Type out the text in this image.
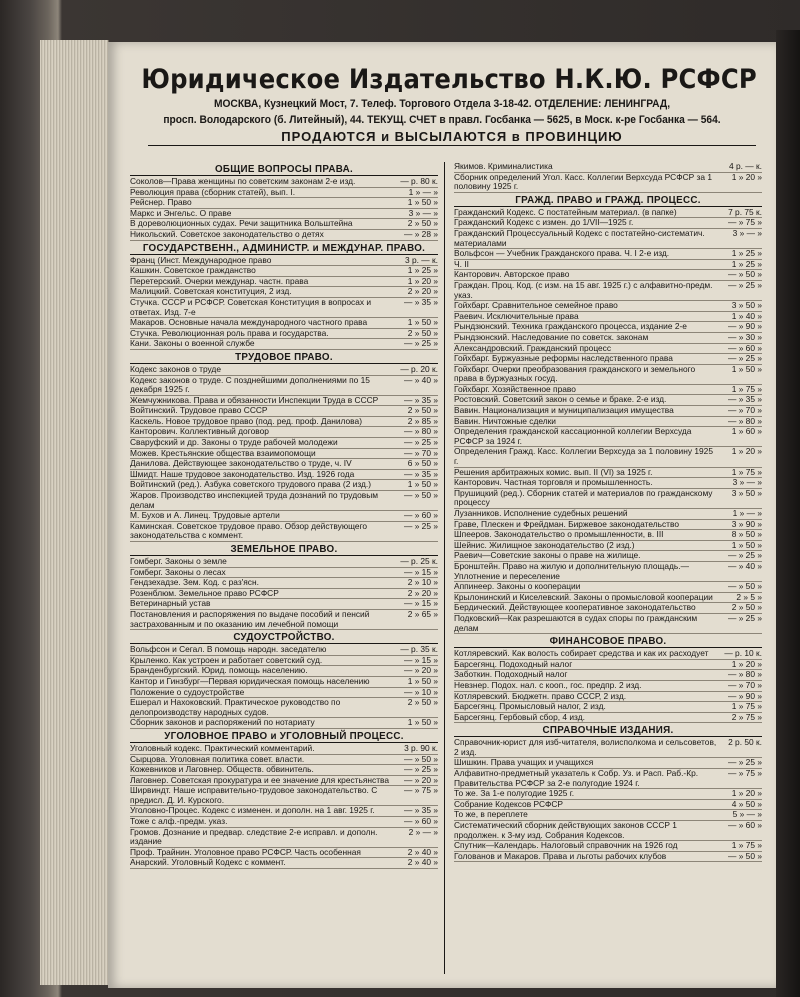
Юридическое Издательство Н.К.Ю. РСФСР
МОСКВА, Кузнецкий Мост, 7. Телеф. Торгового Отдела 3-18-42. ОТДЕЛЕНИЕ: ЛЕНИНГРАД,
просп. Володарского (б. Литейный), 44. ТЕКУЩ. СЧЕТ в правл. Госбанка — 5625, в Моск. к-ре Госбанка — 564.
ПРОДАЮТСЯ и ВЫСЫЛАЮТСЯ в ПРОВИНЦИЮ
ОБЩИЕ ВОПРОСЫ ПРАВА.
Соколов—Права женщины по советским законам 2-е изд.	— р. 80 к.
Революция права (сборник статей), вып. I.	1 » — »
Рейснер. Право	1 » 50 »
Маркс и Энгельс. О праве	3 » — »
В дореволюционных судах. Речи защитника Вольштейна	2 » 50 »
Никольский. Советское законодательство о детях	— » 28 »
ГОСУДАРСТВЕНН., АДМИНИСТР. и МЕЖДУНАР. ПРАВО.
Франц (Инст. Международное право	3 р. — к.
Кашкин. Советское гражданство	1 » 25 »
Перетерский. Очерки междунар. частн. права	1 » 20 »
Малицкий. Советская конституция, 2 изд.	2 » 20 »
Стучка. СССР и РСФСР. Советская Конституция в вопросах и ответах. Изд. 7-е
— » 35 »
Макаров. Основные начала международного частного права	1 » 50 »
Стучка. Революционная роль права и государства.	2 » 50 »
Кани. Законы о военной службе	— » 25 »
ТРУДОВОЕ ПРАВО.
Кодекс законов о труде	— р. 20 к.
Кодекс законов о труде. С позднейшими дополнениями по 15 декабря 1925 г.
— » 40 »
Жемчужникова. Права и обязанности Инспекции Труда в СССР	— » 35 »
Войтинский. Трудовое право СССР	2 » 50 »
Каскель. Новое трудовое право (под. ред. проф. Данилова)	2 » 85 »
Канторович. Коллективный договор	— » 80 »
Сваруфский и др. Законы о труде рабочей молодежи	— » 25 »
Можев. Крестьянские общества взаимопомощи	— » 70 »
Данилова. Действующее законодательство о труде, ч. IV	6 » 50 »
Шмидт. Наше трудовое законодательство. Изд. 1926 года	— » 35 »
Войтинский (ред.). Азбука советского трудового права (2 изд.)	1 » 50 »
Жаров. Производство инспекцией труда дознаний по трудовым делам
— » 50 »
М. Бухов и А. Линец. Трудовые артели	— » 60 »
Каминская. Советское трудовое право. Обзор действующего законодательства с коммент.
— » 25 »
ЗЕМЕЛЬНОЕ ПРАВО.
Гомберг. Законы о земле	— р. 25 к.
Гомберг. Законы о лесах	— » 15 »
Гендзехадзе. Зем. Код. с раз'ясн.	2 » 10 »
Розенблюм. Земельное право РСФСР	2 » 20 »
Ветеринарный устав	— » 15 »
Постановления и распоряжения по выдаче пособий и пенсий застрахованным и по оказанию им лечебной помощи
2 » 65 »
СУДОУСТРОЙСТВО.
Вольфсон и Сегал. В помощь народн. заседателю	— р. 35 к.
Крыленко. Как устроен и работает советский суд.	— » 15 »
Бранденбургский. Юрид. помощь населению.	— » 20 »
Кантор и Гинзбург—Первая юридическая помощь населению	1 » 50 »
Положение о судоустройстве	— » 10 »
Ешерал и Нахоковский. Практическое руководство по делопроизводству народных судов.
2 » 50 »
Сборник законов и распоряжений по нотариату	1 » 50 »
УГОЛОВНОЕ ПРАВО и УГОЛОВНЫЙ ПРОЦЕСС.
Уголовный кодекс. Практический комментарий.	3 р. 90 к.
Сырцова. Уголовная политика совет. власти.	— » 50 »
Кожевников и Лаговнер. Обществ. обвинитель.	— » 25 »
Лаговнер. Советская прокуратура и ее значение для крестьянства	— » 20 »
Ширвиндт. Наше исправительно-трудовое законодательство. С предисл. Д. И. Курского.
— » 75 »
Уголовно-Процес. Кодекс с изменен. и дополн. на 1 авг. 1925 г.	— » 35 »
Тоже с алф.-предм. указ.	— » 60 »
Громов. Дознание и предвар. следствие 2-е исправл. и дополн. издание
2 » — »
Проф. Трайнин. Уголовное право РСФСР. Часть особенная	2 » 40 »
Анарский. Уголовный Кодекс с коммент.	2 » 40 »
Якимов. Криминалистика	4 р. — к.
Сборник определений Угол. Касс. Коллегии Верхсуда РСФСР за 1 половину 1925 г.
1 » 20 »
ГРАЖД. ПРАВО и ГРАЖД. ПРОЦЕСС.
Гражданский Кодекс. С постатейным материал. (в папке)	7 р. 75 к.
Гражданский Кодекс с измен. до 1/VII—1925 г.	— » 75 »
Гражданский Процессуальный Кодекс с постатейно-систематич. материалами
3 » — »
Вольфсон — Учебник Гражданского права. Ч. I 2-е изд.	1 » 25 »
Ч. II	1 » 25 »
Канторович. Авторское право	— » 50 »
Граждан. Проц. Код. (с изм. на 15 авг. 1925 г.) с алфавитно-предм. указ.
— » 25 »
Гойхбарг. Сравнительное семейное право	3 » 50 »
Раевич. Исключительные права	1 » 40 »
Рындзюнский. Техника гражданского процесса, издание 2-е	— » 90 »
Рындзюнский. Наследование по советск. законам	— » 30 »
Александровский. Гражданский процесс	— » 60 »
Гойхбарг. Буржуазные реформы наследственного права	— » 25 »
Гойхбарг. Очерки преобразования гражданского и земельного права в буржуазных госуд.
1 » 50 »
Гойхбарг. Хозяйственное право	1 » 75 »
Ростовский. Советский закон о семье и браке. 2-е изд.	— » 35 »
Вавин. Национализация и муниципализация имущества	— » 70 »
Вавин. Ничтожные сделки	— » 80 »
Определения гражданской кассационной коллегии Верхсуда РСФСР за 1924 г.
1 » 60 »
Определения Гражд. Касс. Коллегии Верхсуда за 1 половину 1925 г.
1 » 20 »
Решения арбитражных комис. вып. II (VI) за 1925 г.	1 » 75 »
Канторович. Частная торговля и промышленность.	3 » — »
Прушицкий (ред.). Сборник статей и материалов по гражданскому процессу
3 » 50 »
Лузанников. Исполнение судебных решений	1 » — »
Граве, Плескен и Фрейдман. Биржевое законодательство	3 » 90 »
Шпееров. Законодательство о промышленности, в. III	8 » 50 »
Шейнис. Жилищное законодательство (2 изд.)	1 » 50 »
Раевич—Советские законы о праве на жилище.	— » 25 »
Бронштейн. Право на жилую и дополнительную площадь.—Уплотнение и переселение
— » 40 »
Аппинеер. Законы о кооперации	— » 50 »
Крылонинский и Киселевский. Законы о промысловой кооперации	2 » 5 »
Бердический. Действующее кооперативное законодательство	2 » 50 »
Подковский—Как разрешаются в судах споры по гражданским делам
— » 25 »
ФИНАНСОВОЕ ПРАВО.
Котляревский. Как волость собирает средства и как их расходует	— р. 10 к.
Барсегянц. Подоходный налог	1 » 20 »
Заботкин. Подоходный налог	— » 80 »
Невзнер. Подох. нал. с кооп., гос. предпр. 2 изд.	— » 70 »
Котляревский. Бюджетн. право СССР, 2 изд.	— » 90 »
Барсегянц. Промысловый налог, 2 изд.	1 » 75 »
Барсегянц. Гербовый сбор, 4 изд.	2 » 75 »
СПРАВОЧНЫЕ ИЗДАНИЯ.
Справочник-юрист для изб-читателя, волисполкома и сельсоветов, 2 изд.
2 р. 50 к.
Шишкин. Права учащих и учащихся	— » 25 »
Алфавитно-предметный указатель к Собр. Уз. и Расп. Раб.-Кр. Правительства РСФСР за 2-е полугодие 1924 г.
— » 75 »
То же. За 1-е полугодие 1925 г.	1 » 20 »
Собрание Кодексов РСФСР	4 » 50 »
То же, в переплете	5 » — »
Систематический сборник действующих законов СССР 1 продолжен. к 3-му изд. Собрания Кодексов.
— » 60 »
Спутник—Календарь. Налоговый справочник на 1926 год	1 » 75 »
Голованов и Макаров. Права и льготы рабочих клубов	— » 50 »
